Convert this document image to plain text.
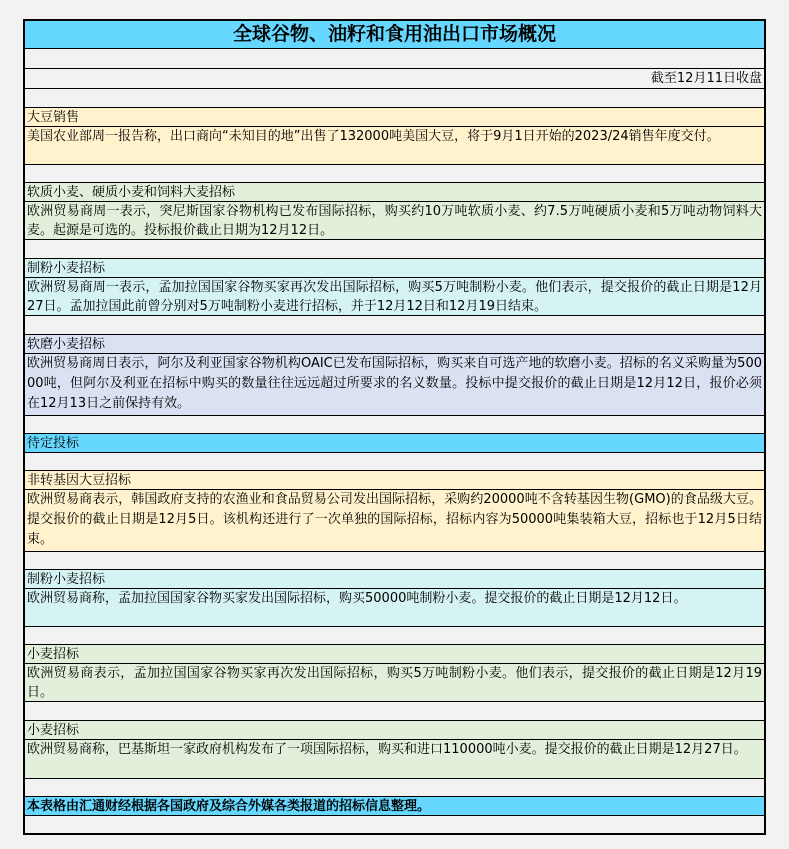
全球谷物、油籽和食用油出口市场概况
截至12月11日收盘
大豆销售
美国农业部周一报告称，出口商向“未知目的地”出售了132000吨美国大豆，将于9月1日开始的2023/24销售年度交付。
软质小麦、硬质小麦和饲料大麦招标
欧洲贸易商周一表示，突尼斯国家谷物机构已发布国际招标，购买约10万吨软质小麦、约7.5万吨硬质小麦和5万吨动物饲料大麦。起源是可选的。投标报价截止日期为12月12日。
制粉小麦招标
欧洲贸易商周一表示，孟加拉国国家谷物买家再次发出国际招标，购买5万吨制粉小麦。他们表示，提交报价的截止日期是12月27日。孟加拉国此前曾分别对5万吨制粉小麦进行招标，并于12月12日和12月19日结束。
软磨小麦招标
欧洲贸易商周日表示，阿尔及利亚国家谷物机构OAIC已发布国际招标，购买来自可选产地的软磨小麦。招标的名义采购量为50000吨，但阿尔及利亚在招标中购买的数量往往远远超过所要求的名义数量。投标中提交报价的截止日期是12月12日，报价必须在12月13日之前保持有效。
待定投标
非转基因大豆招标
欧洲贸易商表示，韩国政府支持的农渔业和食品贸易公司发出国际招标，采购约20000吨不含转基因生物(GMO)的食品级大豆。提交报价的截止日期是12月5日。该机构还进行了一次单独的国际招标，招标内容为50000吨集装箱大豆，招标也于12月5日结束。
制粉小麦招标
欧洲贸易商称，孟加拉国国家谷物买家发出国际招标，购买50000吨制粉小麦。提交报价的截止日期是12月12日。
小麦招标
欧洲贸易商表示，孟加拉国国家谷物买家再次发出国际招标，购买5万吨制粉小麦。他们表示，提交报价的截止日期是12月19日。
小麦招标
欧洲贸易商称，巴基斯坦一家政府机构发布了一项国际招标，购买和进口110000吨小麦。提交报价的截止日期是12月27日。
本表格由汇通财经根据各国政府及综合外媒各类报道的招标信息整理。
